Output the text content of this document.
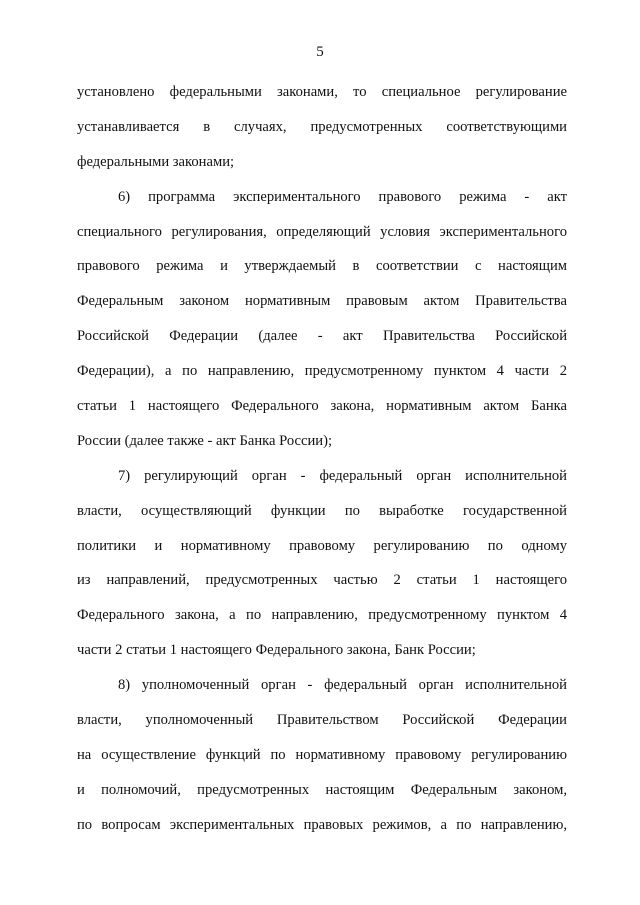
5
установлено федеральными законами, то специальное регулирование
устанавливается в случаях, предусмотренных соответствующими
федеральными законами;
6) программа экспериментального правового режима - акт
специального регулирования, определяющий условия экспериментального
правового режима и утверждаемый в соответствии с настоящим
Федеральным законом нормативным правовым актом Правительства
Российской Федерации (далее - акт Правительства Российской
Федерации), а по направлению, предусмотренному пунктом 4 части 2
статьи 1 настоящего Федерального закона, нормативным актом Банка
России (далее также - акт Банка России);
7) регулирующий орган - федеральный орган исполнительной
власти, осуществляющий функции по выработке государственной
политики и нормативному правовому регулированию по одному
из направлений, предусмотренных частью 2 статьи 1 настоящего
Федерального закона, а по направлению, предусмотренному пунктом 4
части 2 статьи 1 настоящего Федерального закона, Банк России;
8) уполномоченный орган - федеральный орган исполнительной
власти, уполномоченный Правительством Российской Федерации
на осуществление функций по нормативному правовому регулированию
и полномочий, предусмотренных настоящим Федеральным законом,
по вопросам экспериментальных правовых режимов, а по направлению,
